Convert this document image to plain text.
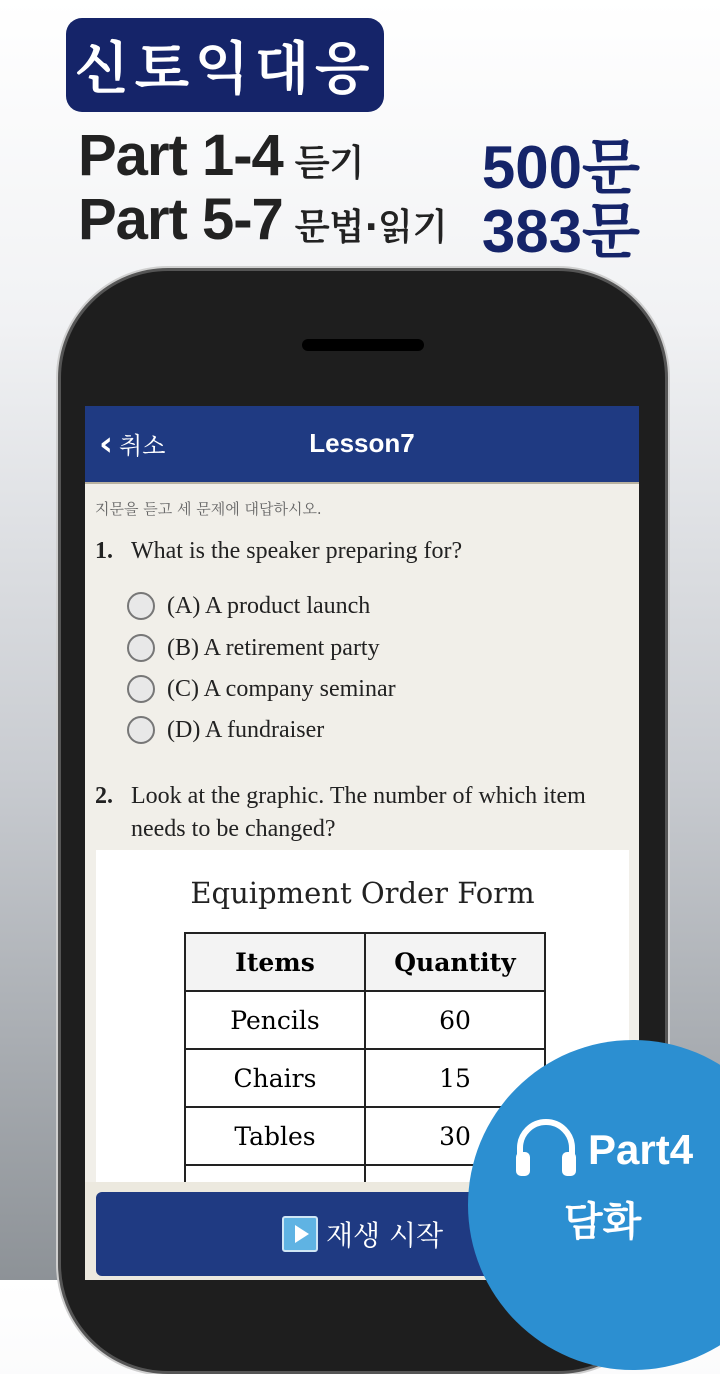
신토익대응
Part 1-4 듣기 500문
Part 5-7 문법·읽기 383문
‹ 취소	Lesson7
지문을 듣고 세 문제에 대답하시오.
1. What is the speaker preparing for?
(A) A product launch
(B) A retirement party
(C) A company seminar
(D) A fundraiser
2. Look at the graphic. The number of which item needs to be changed?
Equipment Order Form
Items	Quantity
Pencils	60
Chairs	15
Tables	30

재생 시작
Part4
담화
